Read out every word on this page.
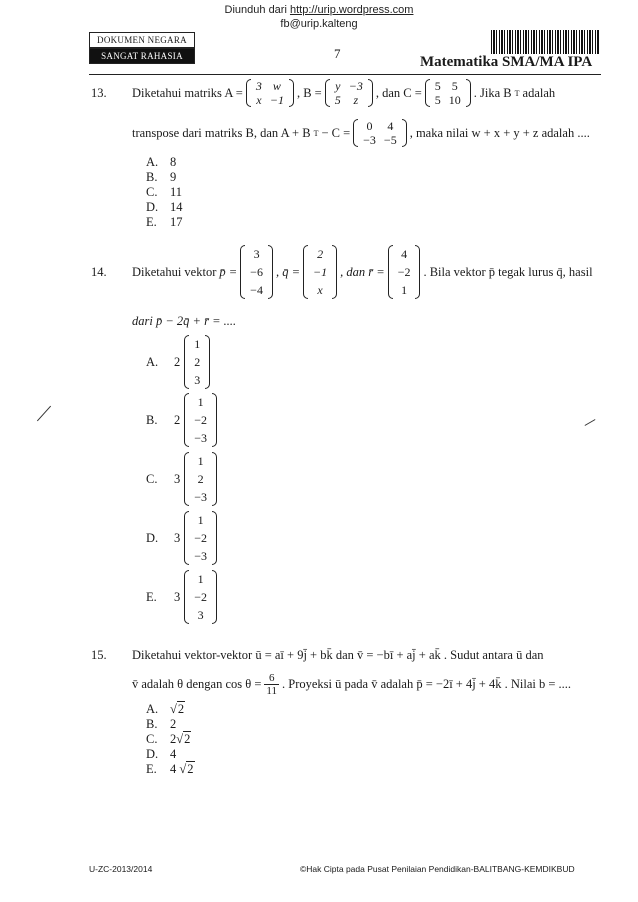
Diunduh dari http://urip.wordpress.com
fb@urip.kalteng
DOKUMEN NEGARA
SANGAT RAHASIA	7
Matematika SMA/MA IPA
13.	Diketahui matriks A = 3	w
x	−1
, B = y	−3
5	z
, dan C = 5	5
5	10
. Jika B T adalah
transpose dari matriks B, dan A + B T − C = 0	4
−3	−5
, maka nilai w + x + y + z adalah ....
A. 8
B. 9
C. 11
D. 14
E. 17
14.	Diketahui vektor p̄ =
3
−6
−4
, q̄ =
2
−1
x
, dan r̄ =
4
−2
1
. Bila vektor p̄ tegak lurus q̄, hasil
dari p̄ − 2q̄ + r̄ = ....
A.	2
1
2
3
B.	2
1
−2
−3
C.	3
1
2
−3
D.	3
1
−2
−3
E.	3
1
−2
3
15.	Diketahui vektor-vektor ū = aī + 9j̄ + bk̄ dan v̄ = −bī + aj̄ + ak̄ . Sudut antara ū dan
v̄ adalah θ dengan $\cos \theta = \frac{6}{11}$ . Proyeksi ū pada v̄ adalah p̄ = −2ī + 4j̄ + 4k̄ . Nilai b = ....
A. √2
B. 2
C. 2√2
D. 4
E. 4 √2
U-ZC-2013/2014	©Hak Cipta pada Pusat Penilaian Pendidikan-BALITBANG-KEMDIKBUD
